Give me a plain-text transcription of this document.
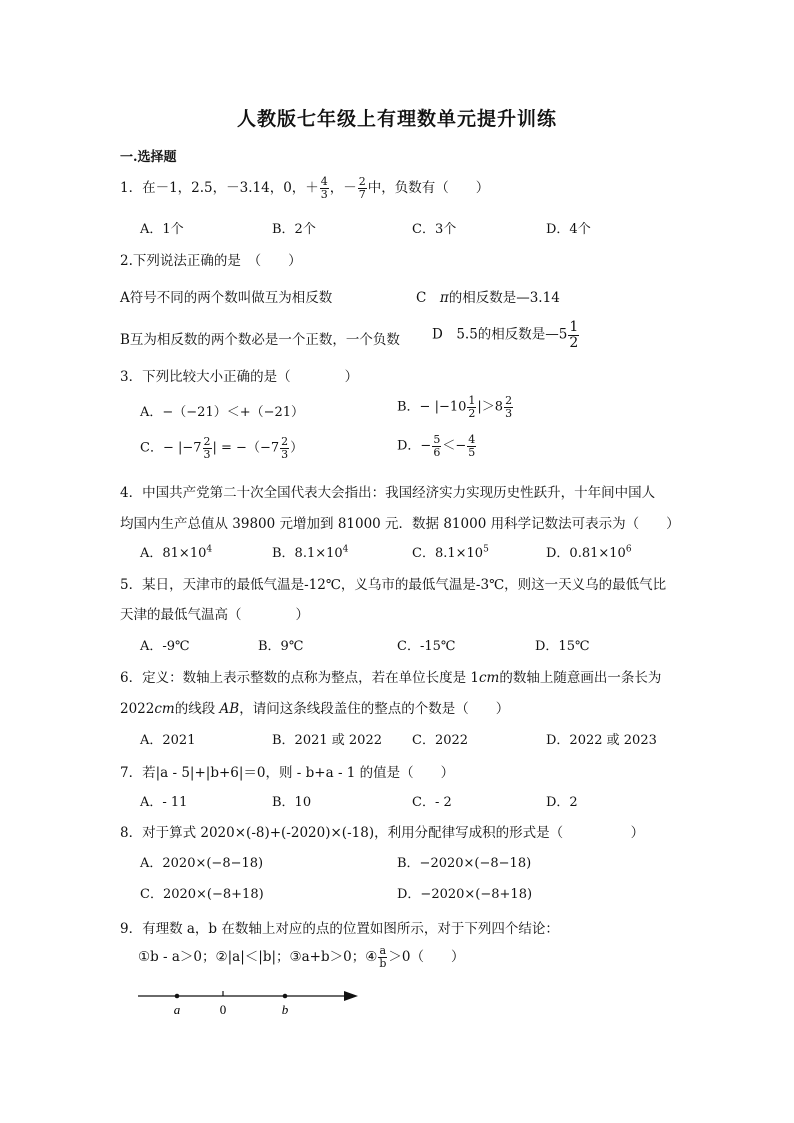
人教版七年级上有理数单元提升训练
一.选择题
1．在－1，2.5，－3.14，0，＋ $\frac{4}{3}$ ，－ $\frac{2}{7}$ 中，负数有（　　）
A．1个	B．2个	C．3个	D．4个
2.下列说法正确的是　（　　）
A符号不同的两个数叫做互为相反数	C　π的相反数是—3.14
B互为相反数的两个数必是一个正数，一个负数 D　5.5的相反数是—5 $\frac{1}{2}$
3．下列比较大小正确的是（　　　　）
A．−（−21）＜+（−21）	B．− $|-10 \frac{1}{2} |>8 \frac{2}{3}$
C．− $|-7 \frac{2}{3}$ | = $-(-7 \frac{2}{3}$ ）	D．− $\frac{5}{6} <- \frac{4}{5}$
4．中国共产党第二十次全国代表大会指出：我国经济实力实现历史性跃升，十年间中国人
均国内生产总值从 39800 元增加到 81000 元．数据 81000 用科学记数法可表示为（　　）
A．$81\times 10^4$	B．$8.1\times 10^4$	C．$8.1\times 10^5$	D．$0.81\times 10^6$
5．某日，天津市的最低气温是-12℃，义乌市的最低气温是-3℃，则这一天义乌的最低气比
天津的最低气温高（　　　　）
A．-9℃	B．9℃	C．-15℃	D．15℃
6．定义：数轴上表示整数的点称为整点，若在单位长度是 1cm的数轴上随意画出一条长为
2022cm的线段 AB，请问这条线段盖住的整点的个数是（　　）
A．2021	B．2021 或 2022 C．2022	D．2022 或 2023
7．若|a - 5|+|b+6|＝0，则 - b+a - 1 的值是（　　）
A．- 11	B．10	C．- 2	D．2
8．对于算式 2020×(-8)+(-2020)×(-18)，利用分配律写成积的形式是（　　　　　）
A．2020×(−8−18)	B．−2020×(−8−18)
C．2020×(−8+18)	D．−2020×(−8+18)
9．有理数 a，b 在数轴上对应的点的位置如图所示，对于下列四个结论：
①b - a＞0；②|a|＜|b|；③a+b＞0；④ $\frac{a}{b} >0$（　　）
a	0	b
